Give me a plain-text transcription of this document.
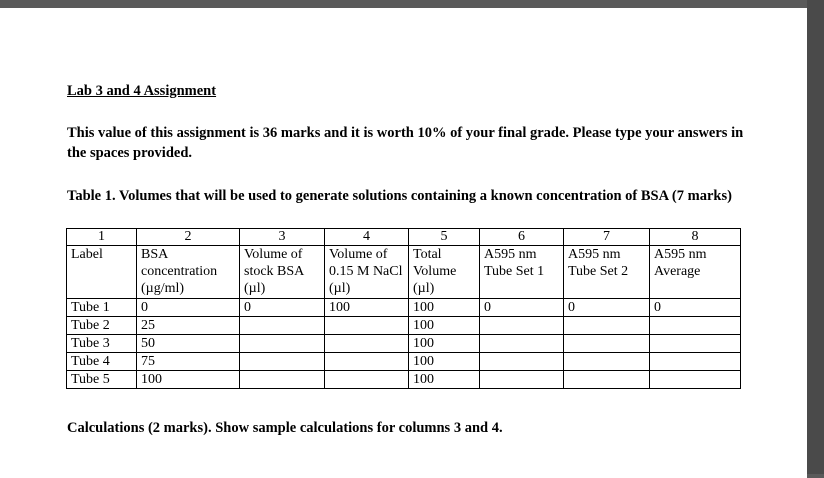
Lab 3 and 4 Assignment
This value of this assignment is 36 marks and it is worth 10% of your final grade. Please type your answers in the spaces provided.
Table 1. Volumes that will be used to generate solutions containing a known concentration of BSA (7 marks)
1	2	3	4	5	6	7	8
Label	BSA concentration (µg/ml)	Volume of stock BSA (µl)	Volume of 0.15 M NaCl (µl)	Total Volume (µl)	A595 nm Tube Set 1	A595 nm Tube Set 2	A595 nm Average
Tube 1	0	0	100	100	0	0	0
Tube 2	25			100			
Tube 3	50			100			
Tube 4	75			100			
Tube 5	100			100			
Calculations (2 marks). Show sample calculations for columns 3 and 4.
